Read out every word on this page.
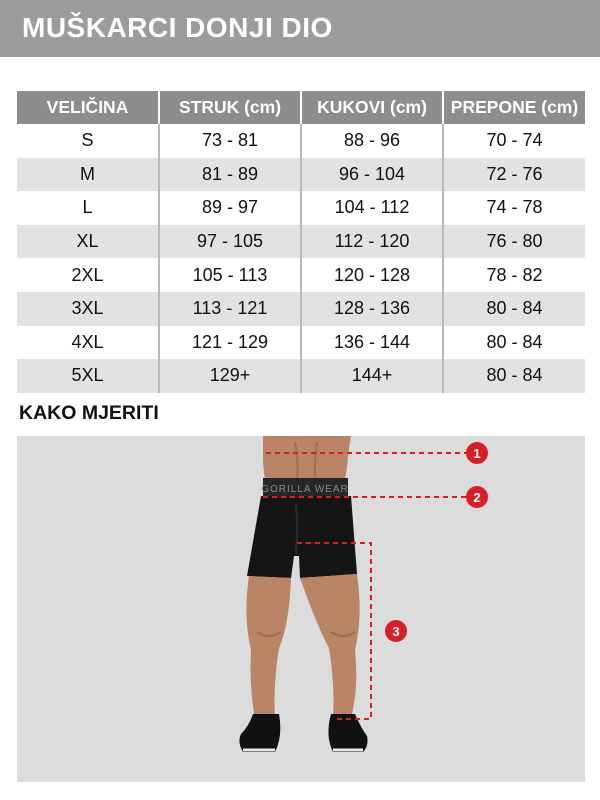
MUŠKARCI DONJI DIO
VELIČINA	STRUK (cm)	KUKOVI (cm)	PREPONE (cm)
S	73 - 81	88 - 96	70 - 74
M	81 - 89	96 - 104	72 - 76
L	89 - 97	104 - 112	74 - 78
XL	97 - 105	112 - 120	76 - 80
2XL	105 - 113	120 - 128	78 - 82
3XL	113 - 121	128 - 136	80 - 84
4XL	121 - 129	136 - 144	80 - 84
5XL	129+	144+	80 - 84
KAKO MJERITI
GORILLA WEAR
1
2
3
